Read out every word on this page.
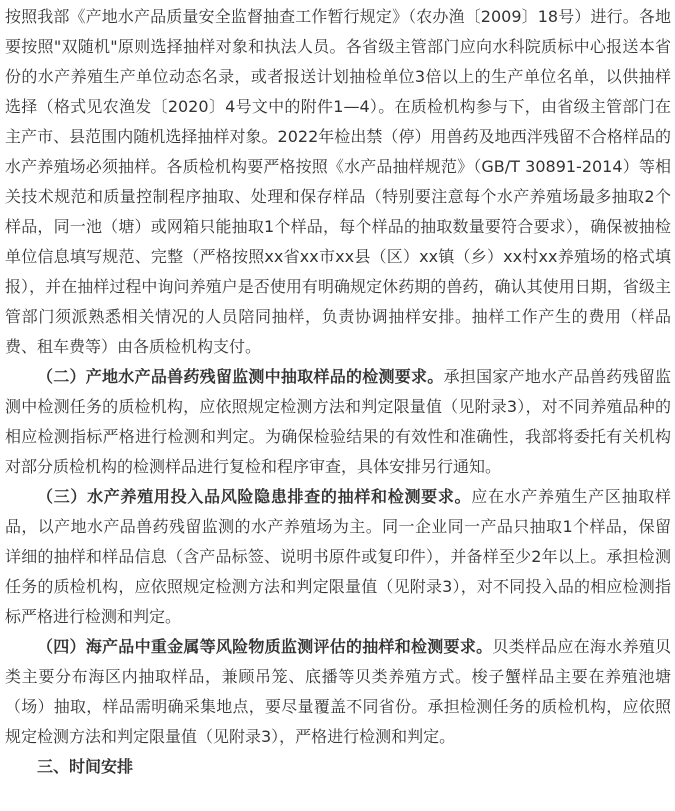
按照我部《产地水产品质量安全监督抽查工作暂行规定》（农办渔〔2009〕18号）进行。各地要按照"双随机"原则选择抽样对象和执法人员。各省级主管部门应向水科院质标中心报送本省份的水产养殖生产单位动态名录，或者报送计划抽检单位3倍以上的生产单位名单，以供抽样选择（格式见农渔发〔2020〕4号文中的附件1—4）。在质检机构参与下，由省级主管部门在主产市、县范围内随机选择抽样对象。2022年检出禁（停）用兽药及地西泮残留不合格样品的水产养殖场必须抽样。各质检机构要严格按照《水产品抽样规范》（GB/T 30891-2014）等相关技术规范和质量控制程序抽取、处理和保存样品（特别要注意每个水产养殖场最多抽取2个样品，同一池（塘）或网箱只能抽取1个样品，每个样品的抽取数量要符合要求），确保被抽检单位信息填写规范、完整（严格按照xx省xx市xx县（区）xx镇（乡）xx村xx养殖场的格式填报），并在抽样过程中询问养殖户是否使用有明确规定休药期的兽药，确认其使用日期，省级主管部门须派熟悉相关情况的人员陪同抽样，负责协调抽样安排。抽样工作产生的费用（样品费、租车费等）由各质检机构支付。

（二）产地水产品兽药残留监测中抽取样品的检测要求。承担国家产地水产品兽药残留监测中检测任务的质检机构，应依照规定检测方法和判定限量值（见附录3），对不同养殖品种的相应检测指标严格进行检测和判定。为确保检验结果的有效性和准确性，我部将委托有关机构对部分质检机构的检测样品进行复检和程序审查，具体安排另行通知。

（三）水产养殖用投入品风险隐患排查的抽样和检测要求。应在水产养殖生产区抽取样品，以产地水产品兽药残留监测的水产养殖场为主。同一企业同一产品只抽取1个样品，保留详细的抽样和样品信息（含产品标签、说明书原件或复印件），并备样至少2年以上。承担检测任务的质检机构，应依照规定检测方法和判定限量值（见附录3），对不同投入品的相应检测指标严格进行检测和判定。

（四）海产品中重金属等风险物质监测评估的抽样和检测要求。贝类样品应在海水养殖贝类主要分布海区内抽取样品，兼顾吊笼、底播等贝类养殖方式。梭子蟹样品主要在养殖池塘（场）抽取，样品需明确采集地点，要尽量覆盖不同省份。承担检测任务的质检机构，应依照规定检测方法和判定限量值（见附录3），严格进行检测和判定。

三、时间安排
